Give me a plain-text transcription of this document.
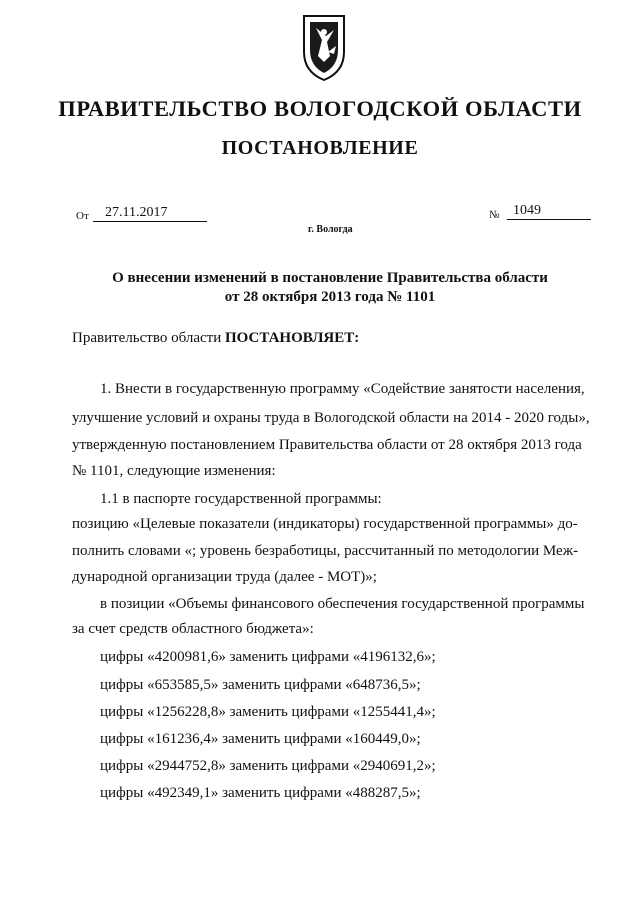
ПРАВИТЕЛЬСТВО ВОЛОГОДСКОЙ ОБЛАСТИ
ПОСТАНОВЛЕНИЕ
От	27.11.2017	№ 1049
г. Вологда
О внесении изменений в постановление Правительства области
от 28 октября 2013 года № 1101
Правительство области ПОСТАНОВЛЯЕТ:
1. Внести в государственную программу «Содействие занятости населения,
улучшение условий и охраны труда в Вологодской области на 2014 - 2020 годы»,
утвержденную постановлением Правительства области от 28 октября 2013 года
№ 1101, следующие изменения:
1.1 в паспорте государственной программы:
позицию «Целевые показатели (индикаторы) государственной программы» до-
полнить словами «; уровень безработицы, рассчитанный по методологии Меж-
дународной организации труда (далее - МОТ)»;
в позиции «Объемы финансового обеспечения государственной программы
за счет средств областного бюджета»:
цифры «4200981,6» заменить цифрами «4196132,6»;
цифры «653585,5» заменить цифрами «648736,5»;
цифры «1256228,8» заменить цифрами «1255441,4»;
цифры «161236,4» заменить цифрами «160449,0»;
цифры «2944752,8» заменить цифрами «2940691,2»;
цифры «492349,1» заменить цифрами «488287,5»;
